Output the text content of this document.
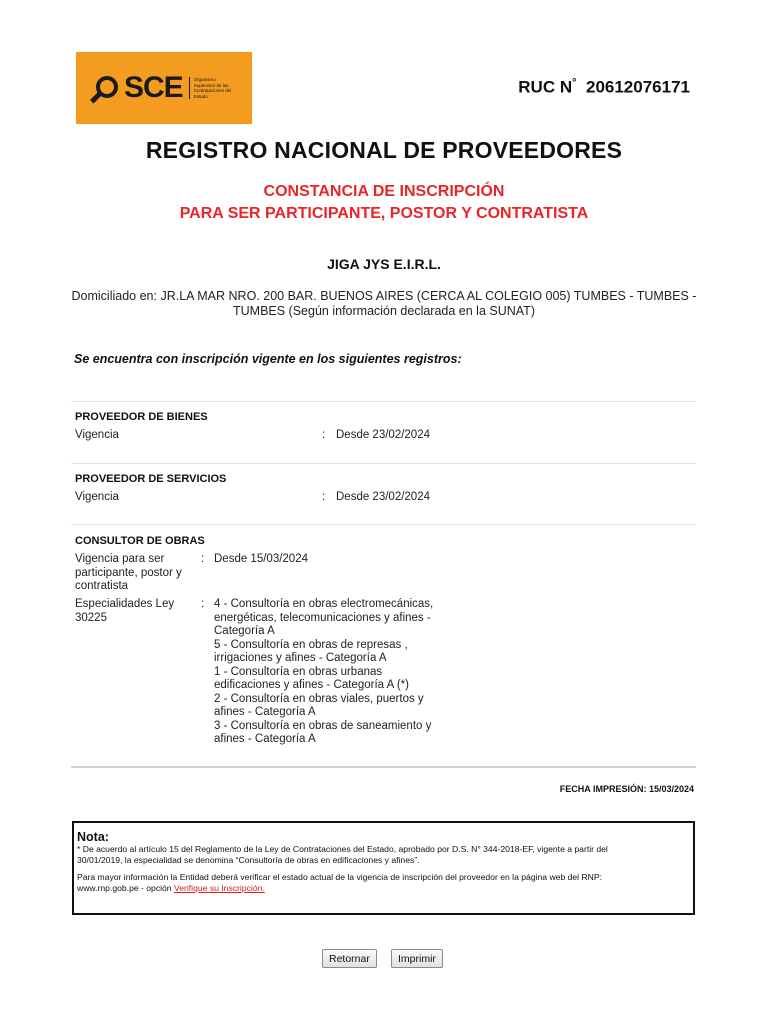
SCE	Organismo Supervisor de las Contrataciones del Estado	RUC N° 20612076171
REGISTRO NACIONAL DE PROVEEDORES
CONSTANCIA DE INSCRIPCIÓN
PARA SER PARTICIPANTE, POSTOR Y CONTRATISTA
JIGA JYS E.I.R.L.
Domiciliado en: JR.LA MAR NRO. 200 BAR. BUENOS AIRES (CERCA AL COLEGIO 005) TUMBES - TUMBES -
TUMBES (Según información declarada en la SUNAT)
Se encuentra con inscripción vigente en los siguientes registros:
PROVEEDOR DE BIENES
Vigencia	: Desde 23/02/2024
PROVEEDOR DE SERVICIOS
Vigencia	: Desde 23/02/2024
CONSULTOR DE OBRAS
Vigencia para ser
participante, postor y
contratista
: Desde 15/03/2024
Especialidades Ley
30225
: 4 - Consultoría en obras electromecánicas,
energéticas, telecomunicaciones y afines -
Categoría A
5 - Consultoría en obras de represas ,
irrigaciones y afines - Categoría A
1 - Consultoría en obras urbanas
edificaciones y afines - Categoría A (*)
2 - Consultoría en obras viales, puertos y
afines - Categoría A
3 - Consultoría en obras de saneamiento y
afines - Categoría A
FECHA IMPRESIÓN: 15/03/2024
Nota:

* De acuerdo al artículo 15 del Reglamento de la Ley de Contrataciones del Estado, aprobado por D.S. N° 344-2018-EF, vigente a partir del

30/01/2019, la especialidad se denomina “Consultoría de obras en edificaciones y afines”.

Para mayor información la Entidad deberá verificar el estado actual de la vigencia de inscripción del proveedor en la página web del RNP:

www.rnp.gob.pe - opción Verifique su Inscripción.

Retornar	Imprimir
